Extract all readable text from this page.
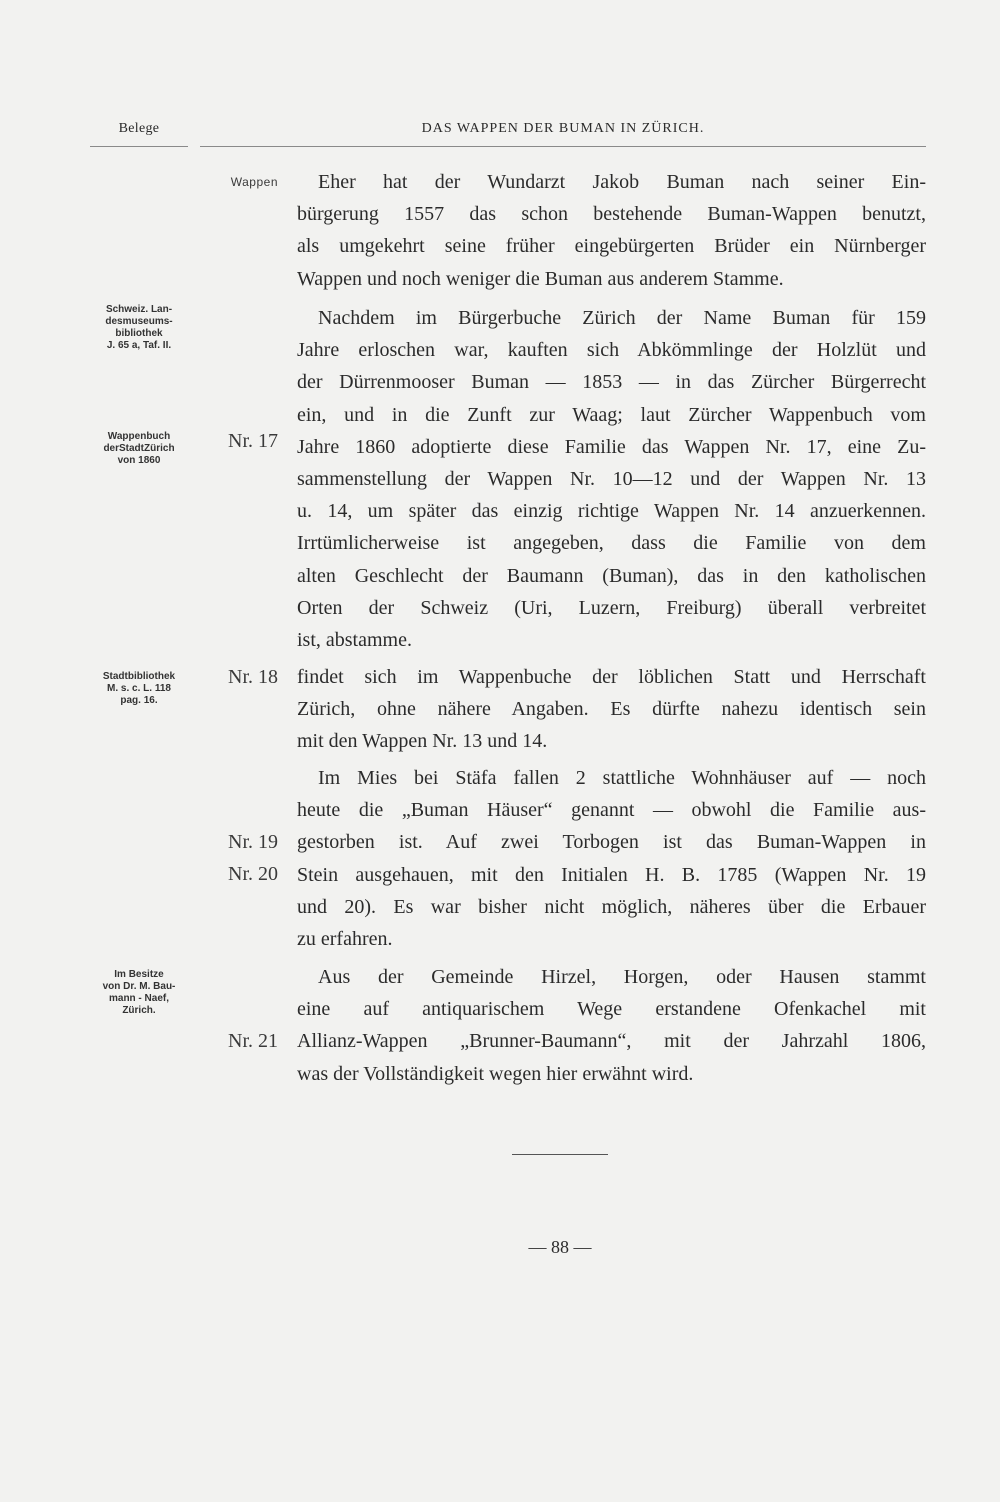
Belege	DAS WAPPEN DER BUMAN IN ZÜRICH.
Schweiz. Lan-
desmuseums-
bibliothek
J. 65 a, Taf. II.
Wappenbuch
derStadtZürich
von 1860
Stadtbibliothek
M. s. c. L. 118
pag. 16.
Im Besitze
von Dr. M. Bau-
mann - Naef,
Zürich.
Wappen
Nr. 17
Nr. 18
Nr. 19
Nr. 20
Nr. 21
Eher hat der Wundarzt Jakob Buman nach seiner Ein-
bürgerung 1557 das schon bestehende Buman-Wappen benutzt,
als umgekehrt seine früher eingebürgerten Brüder ein Nürnberger
Wappen und noch weniger die Buman aus anderem Stamme.
Nachdem im Bürgerbuche Zürich der Name Buman für 159
Jahre erloschen war, kauften sich Abkömmlinge der Holzlüt und
der Dürrenmooser Buman — 1853 — in das Zürcher Bürgerrecht
ein, und in die Zunft zur Waag; laut Zürcher Wappenbuch vom
Jahre 1860 adoptierte diese Familie das Wappen Nr. 17, eine Zu-
sammenstellung der Wappen Nr. 10—12 und der Wappen Nr. 13
u. 14, um später das einzig richtige Wappen Nr. 14 anzuerkennen.
Irrtümlicherweise ist angegeben, dass die Familie von dem
alten Geschlecht der Baumann (Buman), das in den katholischen
Orten der Schweiz (Uri, Luzern, Freiburg) überall verbreitet
ist, abstamme.
findet sich im Wappenbuche der löblichen Statt und Herrschaft
Zürich, ohne nähere Angaben. Es dürfte nahezu identisch sein
mit den Wappen Nr. 13 und 14.
Im Mies bei Stäfa fallen 2 stattliche Wohnhäuser auf — noch
heute die „Buman Häuser“ genannt — obwohl die Familie aus-
gestorben ist. Auf zwei Torbogen ist das Buman-Wappen in
Stein ausgehauen, mit den Initialen H. B. 1785 (Wappen Nr. 19
und 20). Es war bisher nicht möglich, näheres über die Erbauer
zu erfahren.
Aus der Gemeinde Hirzel, Horgen, oder Hausen stammt
eine auf antiquarischem Wege erstandene Ofenkachel mit
Allianz-Wappen „Brunner-Baumann“, mit der Jahrzahl 1806,
was der Vollständigkeit wegen hier erwähnt wird.
— 88 —
